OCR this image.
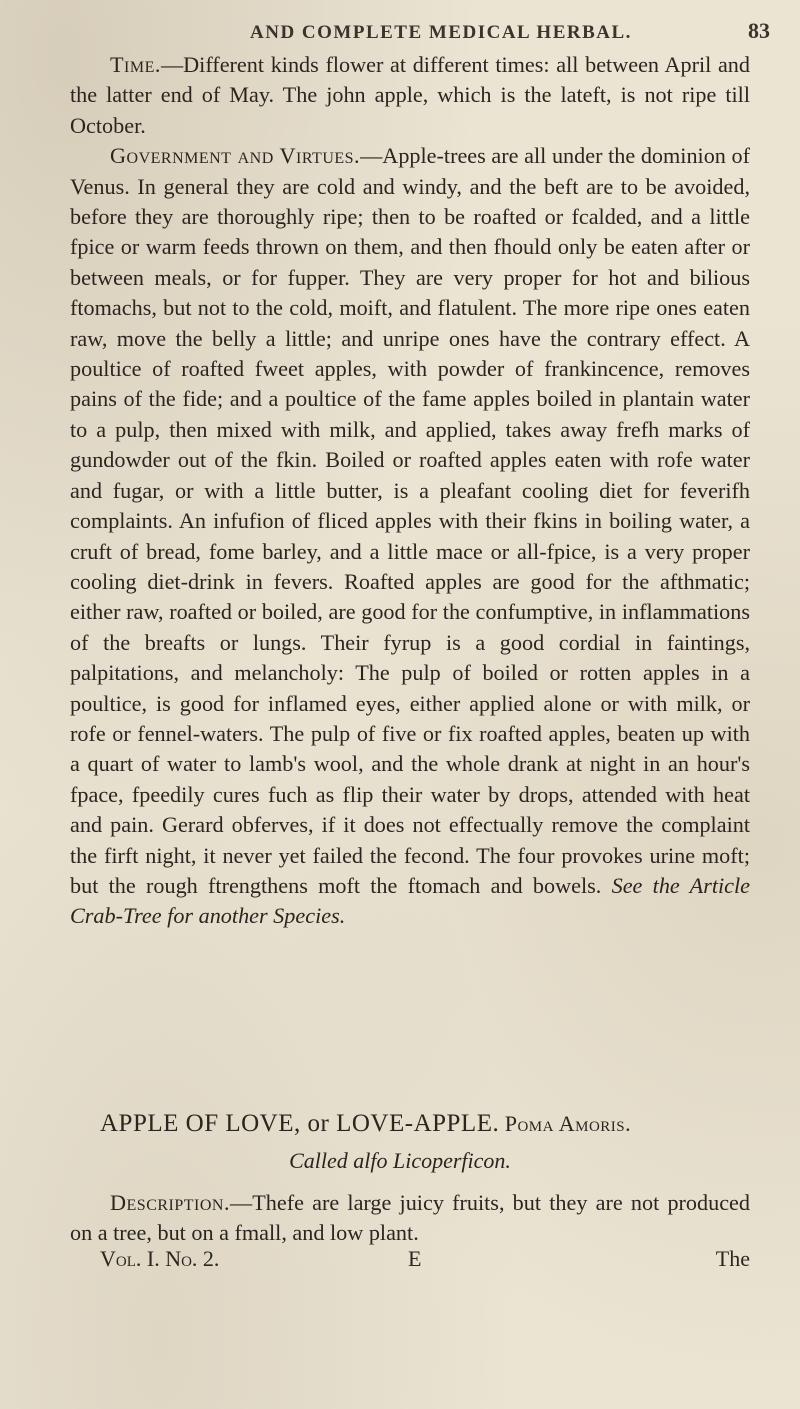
AND COMPLETE MEDICAL HERBAL.	83

Time.—Different kinds flower at different times: all between April and the latter end of May. The john apple, which is the lateft, is not ripe till October.

Government and Virtues.—Apple-trees are all under the dominion of Venus. In general they are cold and windy, and the beft are to be avoided, before they are thoroughly ripe; then to be roafted or fcalded, and a little fpice or warm feeds thrown on them, and then fhould only be eaten after or between meals, or for fupper. They are very proper for hot and bilious ftomachs, but not to the cold, moift, and flatulent. The more ripe ones eaten raw, move the belly a little; and unripe ones have the contrary effect. A poultice of roafted fweet apples, with powder of frankincence, removes pains of the fide; and a poultice of the fame apples boiled in plantain water to a pulp, then mixed with milk, and applied, takes away frefh marks of gundowder out of the fkin. Boiled or roafted apples eaten with rofe water and fugar, or with a little butter, is a pleafant cooling diet for feverifh complaints. An infufion of fliced apples with their fkins in boiling water, a cruft of bread, fome barley, and a little mace or all-fpice, is a very proper cooling diet-drink in fevers. Roafted apples are good for the afthmatic; either raw, roafted or boiled, are good for the confumptive, in inflammations of the breafts or lungs. Their fyrup is a good cordial in faintings, palpitations, and melancholy: The pulp of boiled or rotten apples in a poultice, is good for inflamed eyes, either applied alone or with milk, or rofe or fennel-waters. The pulp of five or fix roafted apples, beaten up with a quart of water to lamb's wool, and the whole drank at night in an hour's fpace, fpeedily cures fuch as flip their water by drops, attended with heat and pain. Gerard obferves, if it does not effectually remove the complaint the firft night, it never yet failed the fecond. The four provokes urine moft; but the rough ftrengthens moft the ftomach and bowels. See the Article Crab-Tree for another Species.

APPLE OF LOVE, or LOVE-APPLE. Poma Amoris.
Called alfo Licoperficon.

Description.—Thefe are large juicy fruits, but they are not produced on a tree, but on a fmall, and low plant.

Vol. I. No. 2.	E	The
